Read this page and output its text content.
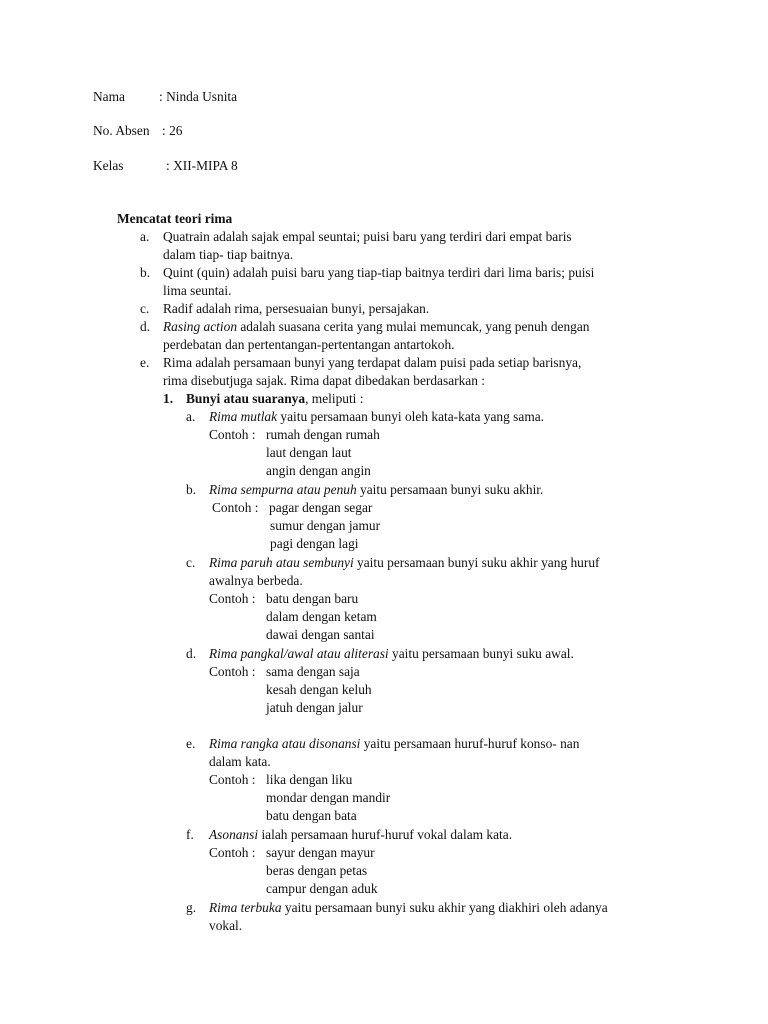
Nama	: Ninda Usnita
No. Absen : 26
Kelas	: XII-MIPA 8
Mencatat teori rima
a. Quatrain adalah sajak empal seuntai; puisi baru yang terdiri dari empat baris
dalam tiap- tiap baitnya.
b. Quint (quin) adalah puisi baru yang tiap-tiap baitnya terdiri dari lima baris; puisi
lima seuntai.
c. Radif adalah rima, persesuaian bunyi, persajakan.
d. Rasing action adalah suasana cerita yang mulai memuncak, yang penuh dengan
perdebatan dan pertentangan-pertentangan antartokoh.
e. Rima adalah persamaan bunyi yang terdapat dalam puisi pada setiap barisnya,
rima disebutjuga sajak. Rima dapat dibedakan berdasarkan :
1. Bunyi atau suaranya, meliputi :
a. Rima mutlak yaitu persamaan bunyi oleh kata-kata yang sama.
Contoh : rumah dengan rumah
laut dengan laut
angin dengan angin
b. Rima sempurna atau penuh yaitu persamaan bunyi suku akhir.
Contoh : pagar dengan segar
sumur dengan jamur
pagi dengan lagi
c. Rima paruh atau sembunyi yaitu persamaan bunyi suku akhir yang huruf
awalnya berbeda.
Contoh : batu dengan baru
dalam dengan ketam
dawai dengan santai
d. Rima pangkal/awal atau aliterasi yaitu persamaan bunyi suku awal.
Contoh : sama dengan saja
kesah dengan keluh
jatuh dengan jalur
e. Rima rangka atau disonansi yaitu persamaan huruf-huruf konso- nan
dalam kata.
Contoh : lika dengan liku
mondar dengan mandir
batu dengan bata
f. Asonansi ialah persamaan huruf-huruf vokal dalam kata.
Contoh : sayur dengan mayur
beras dengan petas
campur dengan aduk
g. Rima terbuka yaitu persamaan bunyi suku akhir yang diakhiri oleh adanya
vokal.
